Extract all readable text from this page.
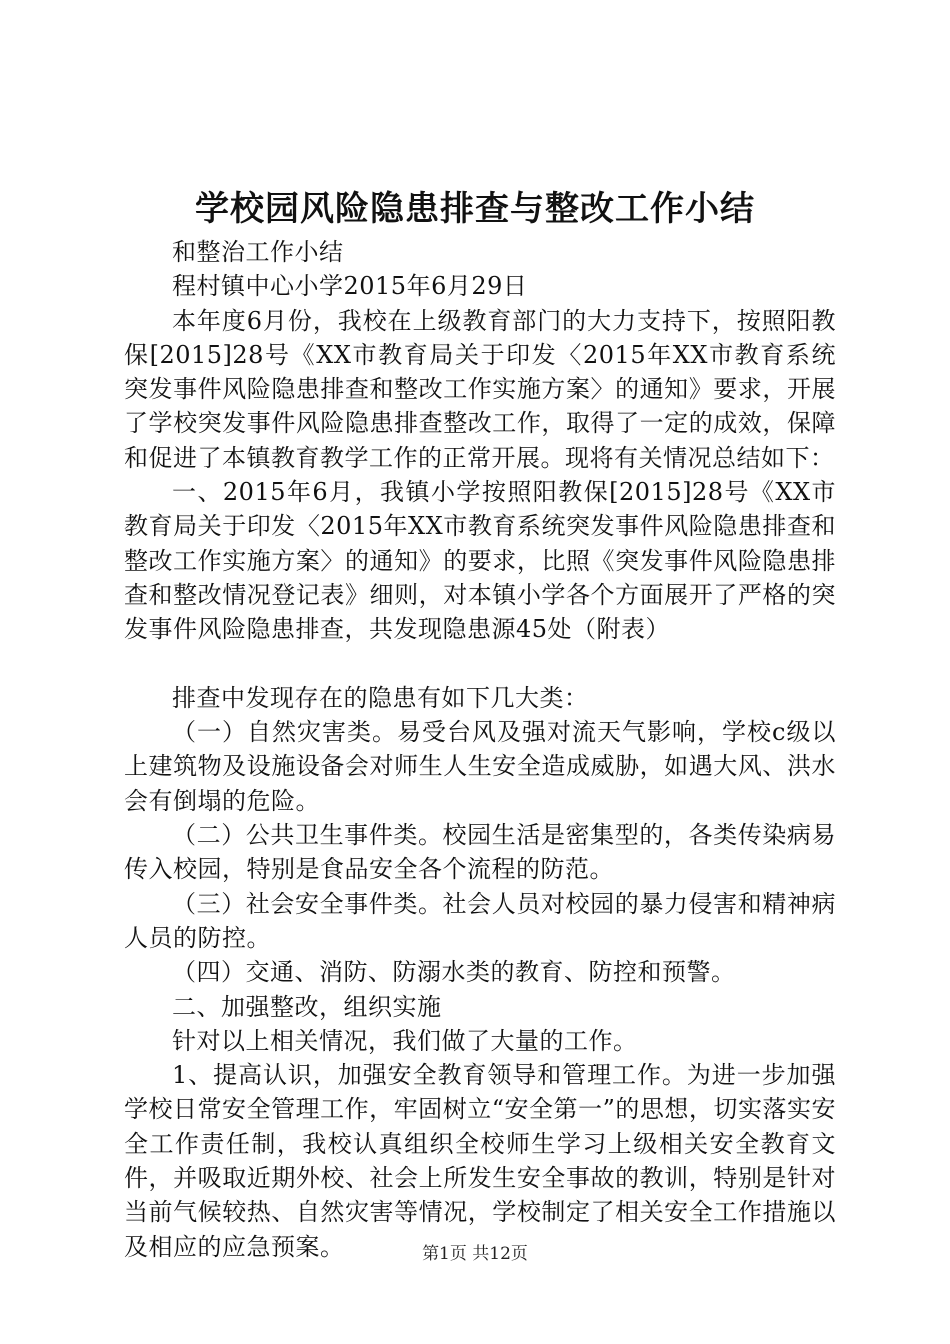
学校园风险隐患排查与整改工作小结

和整治工作小结

程村镇中心小学2015年6月29日

本年度6月份，我校在上级教育部门的大力支持下，按照阳教保[2015]28号《XX市教育局关于印发〈2015年XX市教育系统突发事件风险隐患排查和整改工作实施方案〉的通知》要求，开展了学校突发事件风险隐患排查整改工作，取得了一定的成效，保障和促进了本镇教育教学工作的正常开展。现将有关情况总结如下：

一、2015年6月，我镇小学按照阳教保[2015]28号《XX市教育局关于印发〈2015年XX市教育系统突发事件风险隐患排查和整改工作实施方案〉的通知》的要求，比照《突发事件风险隐患排查和整改情况登记表》细则，对本镇小学各个方面展开了严格的突发事件风险隐患排查，共发现隐患源45处（附表）

排查中发现存在的隐患有如下几大类：

（一）自然灾害类。易受台风及强对流天气影响，学校c级以上建筑物及设施设备会对师生人生安全造成威胁，如遇大风、洪水会有倒塌的危险。

（二）公共卫生事件类。校园生活是密集型的，各类传染病易传入校园，特别是食品安全各个流程的防范。

（三）社会安全事件类。社会人员对校园的暴力侵害和精神病人员的防控。

（四）交通、消防、防溺水类的教育、防控和预警。

二、加强整改，组织实施

针对以上相关情况，我们做了大量的工作。

1、提高认识，加强安全教育领导和管理工作。为进一步加强学校日常安全管理工作，牢固树立“安全第一”的思想，切实落实安全工作责任制，我校认真组织全校师生学习上级相关安全教育文件，并吸取近期外校、社会上所发生安全事故的教训，特别是针对当前气候较热、自然灾害等情况，学校制定了相关安全工作措施以及相应的应急预案。	第1页 共12页
